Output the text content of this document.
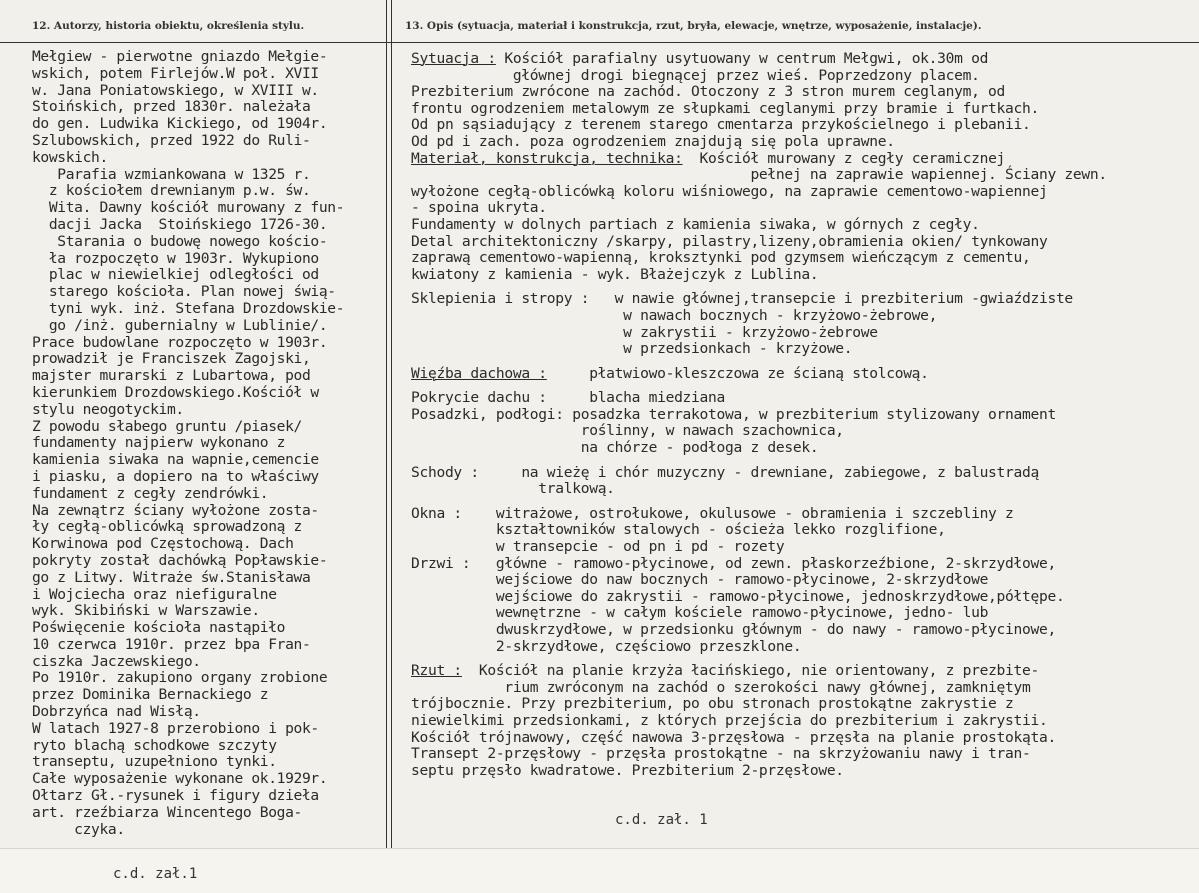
12. Autorzy, historia obiektu, określenia stylu.	13. Opis (sytuacja, materiał i konstrukcja, rzut, bryła, elewacje, wnętrze, wyposażenie, instalacje).
Mełgiew - pierwotne gniazdo Mełgie-
wskich, potem Firlejów.W poł. XVII
w. Jana Poniatowskiego, w XVIII w.
Stoińskich, przed 1830r. należała
do gen. Ludwika Kickiego, od 1904r.
Szlubowskich, przed 1922 do Ruli-
kowskich.
Parafia wzmiankowana w 1325 r.
z kościołem drewnianym p.w. św.
Wita. Dawny kościół murowany z fun-
dacji Jacka  Stoińskiego 1726-30.
Starania o budowę nowego kościo-
ła rozpoczęto w 1903r. Wykupiono
plac w niewielkiej odległości od
starego kościoła. Plan nowej świą-
tyni wyk. inż. Stefana Drozdowskie-
go /inż. gubernialny w Lublinie/.
Prace budowlane rozpoczęto w 1903r.
prowadził je Franciszek Zagojski,
majster murarski z Lubartowa, pod
kierunkiem Drozdowskiego.Kościół w
stylu neogotyckim.
Z powodu słabego gruntu /piasek/
fundamenty najpierw wykonano z
kamienia siwaka na wapnie,cemencie
i piasku, a dopiero na to właściwy
fundament z cegły zendrówki.
Na zewnątrz ściany wyłożone zosta-
ły cegłą-oblicówką sprowadzoną z
Korwinowa pod Częstochową. Dach
pokryty został dachówką Popławskie-
go z Litwy. Witraże św.Stanisława
i Wojciecha oraz niefiguralne
wyk. Skibiński w Warszawie.
Poświęcenie kościoła nastąpiło
10 czerwca 1910r. przez bpa Fran-
ciszka Jaczewskiego.
Po 1910r. zakupiono organy zrobione
przez Dominika Bernackiego z
Dobrzyńca nad Wisłą.
W latach 1927-8 przerobiono i pok-
ryto blachą schodkowe szczyty
transeptu, uzupełniono tynki.
Całe wyposażenie wykonane ok.1929r.
Ołtarz Gł.-rysunek i figury dzieła
art. rzeźbiarza Wincentego Boga-
czyka.
Sytuacja : Kościół parafialny usytuowany w centrum Mełgwi, ok.30m od
głównej drogi biegnącej przez wieś. Poprzedzony placem.
Prezbiterium zwrócone na zachód. Otoczony z 3 stron murem ceglanym, od
frontu ogrodzeniem metalowym ze słupkami ceglanymi przy bramie i furtkach.
Od pn sąsiadujący z terenem starego cmentarza przykościelnego i plebanii.
Od pd i zach. poza ogrodzeniem znajdują się pola uprawne.
Materiał, konstrukcja, technika:  Kościół murowany z cegły ceramicznej
pełnej na zaprawie wapiennej. Ściany zewn.
wyłożone cegłą-oblicówką koloru wiśniowego, na zaprawie cementowo-wapiennej
- spoina ukryta.
Fundamenty w dolnych partiach z kamienia siwaka, w górnych z cegły.
Detal architektoniczny /skarpy, pilastry,lizeny,obramienia okien/ tynkowany
zaprawą cementowo-wapienną, kroksztynki pod gzymsem wieńczącym z cementu,
kwiatony z kamienia - wyk. Błażejczyk z Lublina.
Sklepienia i stropy :   w nawie głównej,transepcie i prezbiterium -gwiaździste
w nawach bocznych - krzyżowo-żebrowe,
w zakrystii - krzyżowo-żebrowe
w przedsionkach - krzyżowe.
Więźba dachowa :     płatwiowo-kleszczowa ze ścianą stolcową.
Pokrycie dachu :     blacha miedziana
Posadzki, podłogi: posadzka terrakotowa, w prezbiterium stylizowany ornament
roślinny, w nawach szachownica,
na chórze - podłoga z desek.
Schody :     na wieżę i chór muzyczny - drewniane, zabiegowe, z balustradą
tralkową.
Okna :    witrażowe, ostrołukowe, okulusowe - obramienia i szczebliny z
kształtowników stalowych - ościeża lekko rozglifione,
w transepcie - od pn i pd - rozety
Drzwi :   główne - ramowo-płycinowe, od zewn. płaskorzeźbione, 2-skrzydłowe,
wejściowe do naw bocznych - ramowo-płycinowe, 2-skrzydłowe
wejściowe do zakrystii - ramowo-płycinowe, jednoskrzydłowe,półtępe.
wewnętrzne - w całym kościele ramowo-płycinowe, jedno- lub
dwuskrzydłowe, w przedsionku głównym - do nawy - ramowo-płycinowe,
2-skrzydłowe, częściowo przeszklone.
Rzut :  Kościół na planie krzyża łacińskiego, nie orientowany, z prezbite-
rium zwróconym na zachód o szerokości nawy głównej, zamkniętym
trójbocznie. Przy prezbiterium, po obu stronach prostokątne zakrystie z
niewielkimi przedsionkami, z których przejścia do prezbiterium i zakrystii.
Kościół trójnawowy, część nawowa 3-przęsłowa - przęsła na planie prostokąta.
Transept 2-przęsłowy - przęsła prostokątne - na skrzyżowaniu nawy i tran-
septu przęsło kwadratowe. Prezbiterium 2-przęsłowe.
c.d. zał. 1
c.d. zał.1
